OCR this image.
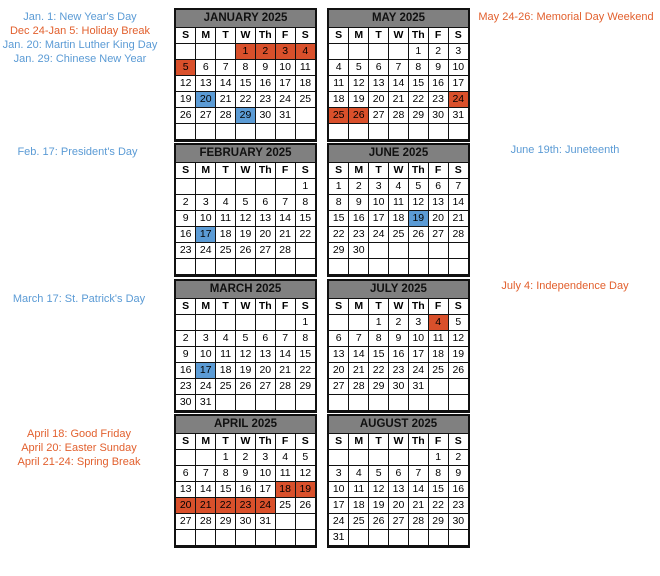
Jan. 1: New Year's Day
Dec 24-Jan 5: Holiday Break
Jan. 20: Martin Luther King Day
Jan. 29: Chinese New Year
Feb. 17: President's Day
March 17: St. Patrick's Day
April 18: Good Friday
April 20: Easter Sunday
April 21-24: Spring Break
May 24-26: Memorial Day Weekend
June 19th: Juneteenth
July 4: Independence Day
JANUARY 2025
S	M	T	W	Th	F	S
			1	2	3	4
5	6	7	8	9	10	11
12	13	14	15	16	17	18
19	20	21	22	23	24	25
26	27	28	29	30	31	

MAY 2025
S	M	T	W	Th	F	S
				1	2	3
4	5	6	7	8	9	10
11	12	13	14	15	16	17
18	19	20	21	22	23	24
25	26	27	28	29	30	31

FEBRUARY 2025
S	M	T	W	Th	F	S
						1
2	3	4	5	6	7	8
9	10	11	12	13	14	15
16	17	18	19	20	21	22
23	24	25	26	27	28	

JUNE 2025
S	M	T	W	Th	F	S
1	2	3	4	5	6	7
8	9	10	11	12	13	14
15	16	17	18	19	20	21
22	23	24	25	26	27	28
29	30					

MARCH 2025
S	M	T	W	Th	F	S
						1
2	3	4	5	6	7	8
9	10	11	12	13	14	15
16	17	18	19	20	21	22
23	24	25	26	27	28	29
30	31					
JULY 2025
S	M	T	W	Th	F	S
		1	2	3	4	5
6	7	8	9	10	11	12
13	14	15	16	17	18	19
20	21	22	23	24	25	26
27	28	29	30	31		

APRIL 2025
S	M	T	W	Th	F	S
		1	2	3	4	5
6	7	8	9	10	11	12
13	14	15	16	17	18	19
20	21	22	23	24	25	26
27	28	29	30	31		

AUGUST 2025
S	M	T	W	Th	F	S
					1	2
3	4	5	6	7	8	9
10	11	12	13	14	15	16
17	18	19	20	21	22	23
24	25	26	27	28	29	30
31						
